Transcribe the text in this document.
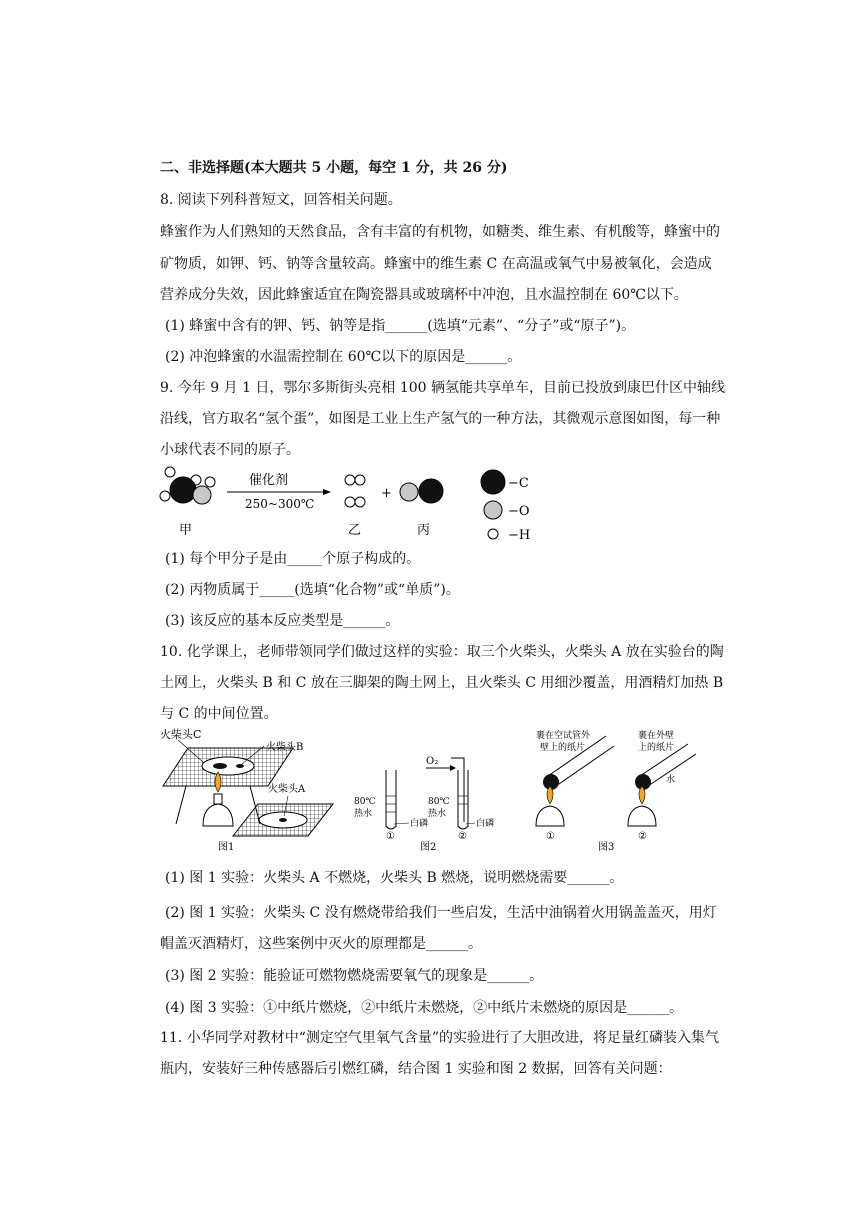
二、非选择题(本大题共 5 小题，每空 1 分，共 26 分)
8. 阅读下列科普短文，回答相关问题。
蜂蜜作为人们熟知的天然食品，含有丰富的有机物，如糖类、维生素、有机酸等，蜂蜜中的
矿物质，如钾、钙、钠等含量较高。蜂蜜中的维生素 C 在高温或氧气中易被氧化，会造成
营养成分失效，因此蜂蜜适宜在陶瓷器具或玻璃杯中冲泡，且水温控制在 60℃以下。
(1) 蜂蜜中含有的钾、钙、钠等是指______(选填“元素”、“分子”或“原子”)。
(2) 冲泡蜂蜜的水温需控制在 60℃以下的原因是______。
9. 今年 9 月 1 日，鄂尔多斯街头亮相 100 辆氢能共享单车，目前已投放到康巴什区中轴线
沿线，官方取名“氢个蛋”，如图是工业上生产氢气的一种方法，其微观示意图如图，每一种
小球代表不同的原子。
催化剂
250~300℃
+
−C
−O
−H
甲	乙	丙
(1) 每个甲分子是由_____个原子构成的。
(2) 丙物质属于_____(选填“化合物”或“单质”)。
(3) 该反应的基本反应类型是______。
10. 化学课上，老师带领同学们做过这样的实验：取三个火柴头，火柴头 A 放在实验台的陶
土网上，火柴头 B 和 C 放在三脚架的陶土网上，且火柴头 C 用细沙覆盖，用酒精灯加热 B
与 C 的中间位置。
火柴头C
火柴头B
火柴头A
图1
O₂
80℃
热水
白磷
①
80℃
热水
白磷
②
图2
裹在空试管外
壁上的纸片
①
裹在外壁
上的纸片
水
②
图3
(1) 图 1 实验：火柴头 A 不燃烧，火柴头 B 燃烧，说明燃烧需要______。
(2) 图 1 实验：火柴头 C 没有燃烧带给我们一些启发，生活中油锅着火用锅盖盖灭，用灯
帽盖灭酒精灯，这些案例中灭火的原理都是______。
(3) 图 2 实验：能验证可燃物燃烧需要氧气的现象是______。
(4) 图 3 实验：①中纸片燃烧，②中纸片未燃烧，②中纸片未燃烧的原因是______。
11. 小华同学对教材中“测定空气里氧气含量”的实验进行了大胆改进，将足量红磷装入集气
瓶内，安装好三种传感器后引燃红磷，结合图 1 实验和图 2 数据，回答有关问题：
